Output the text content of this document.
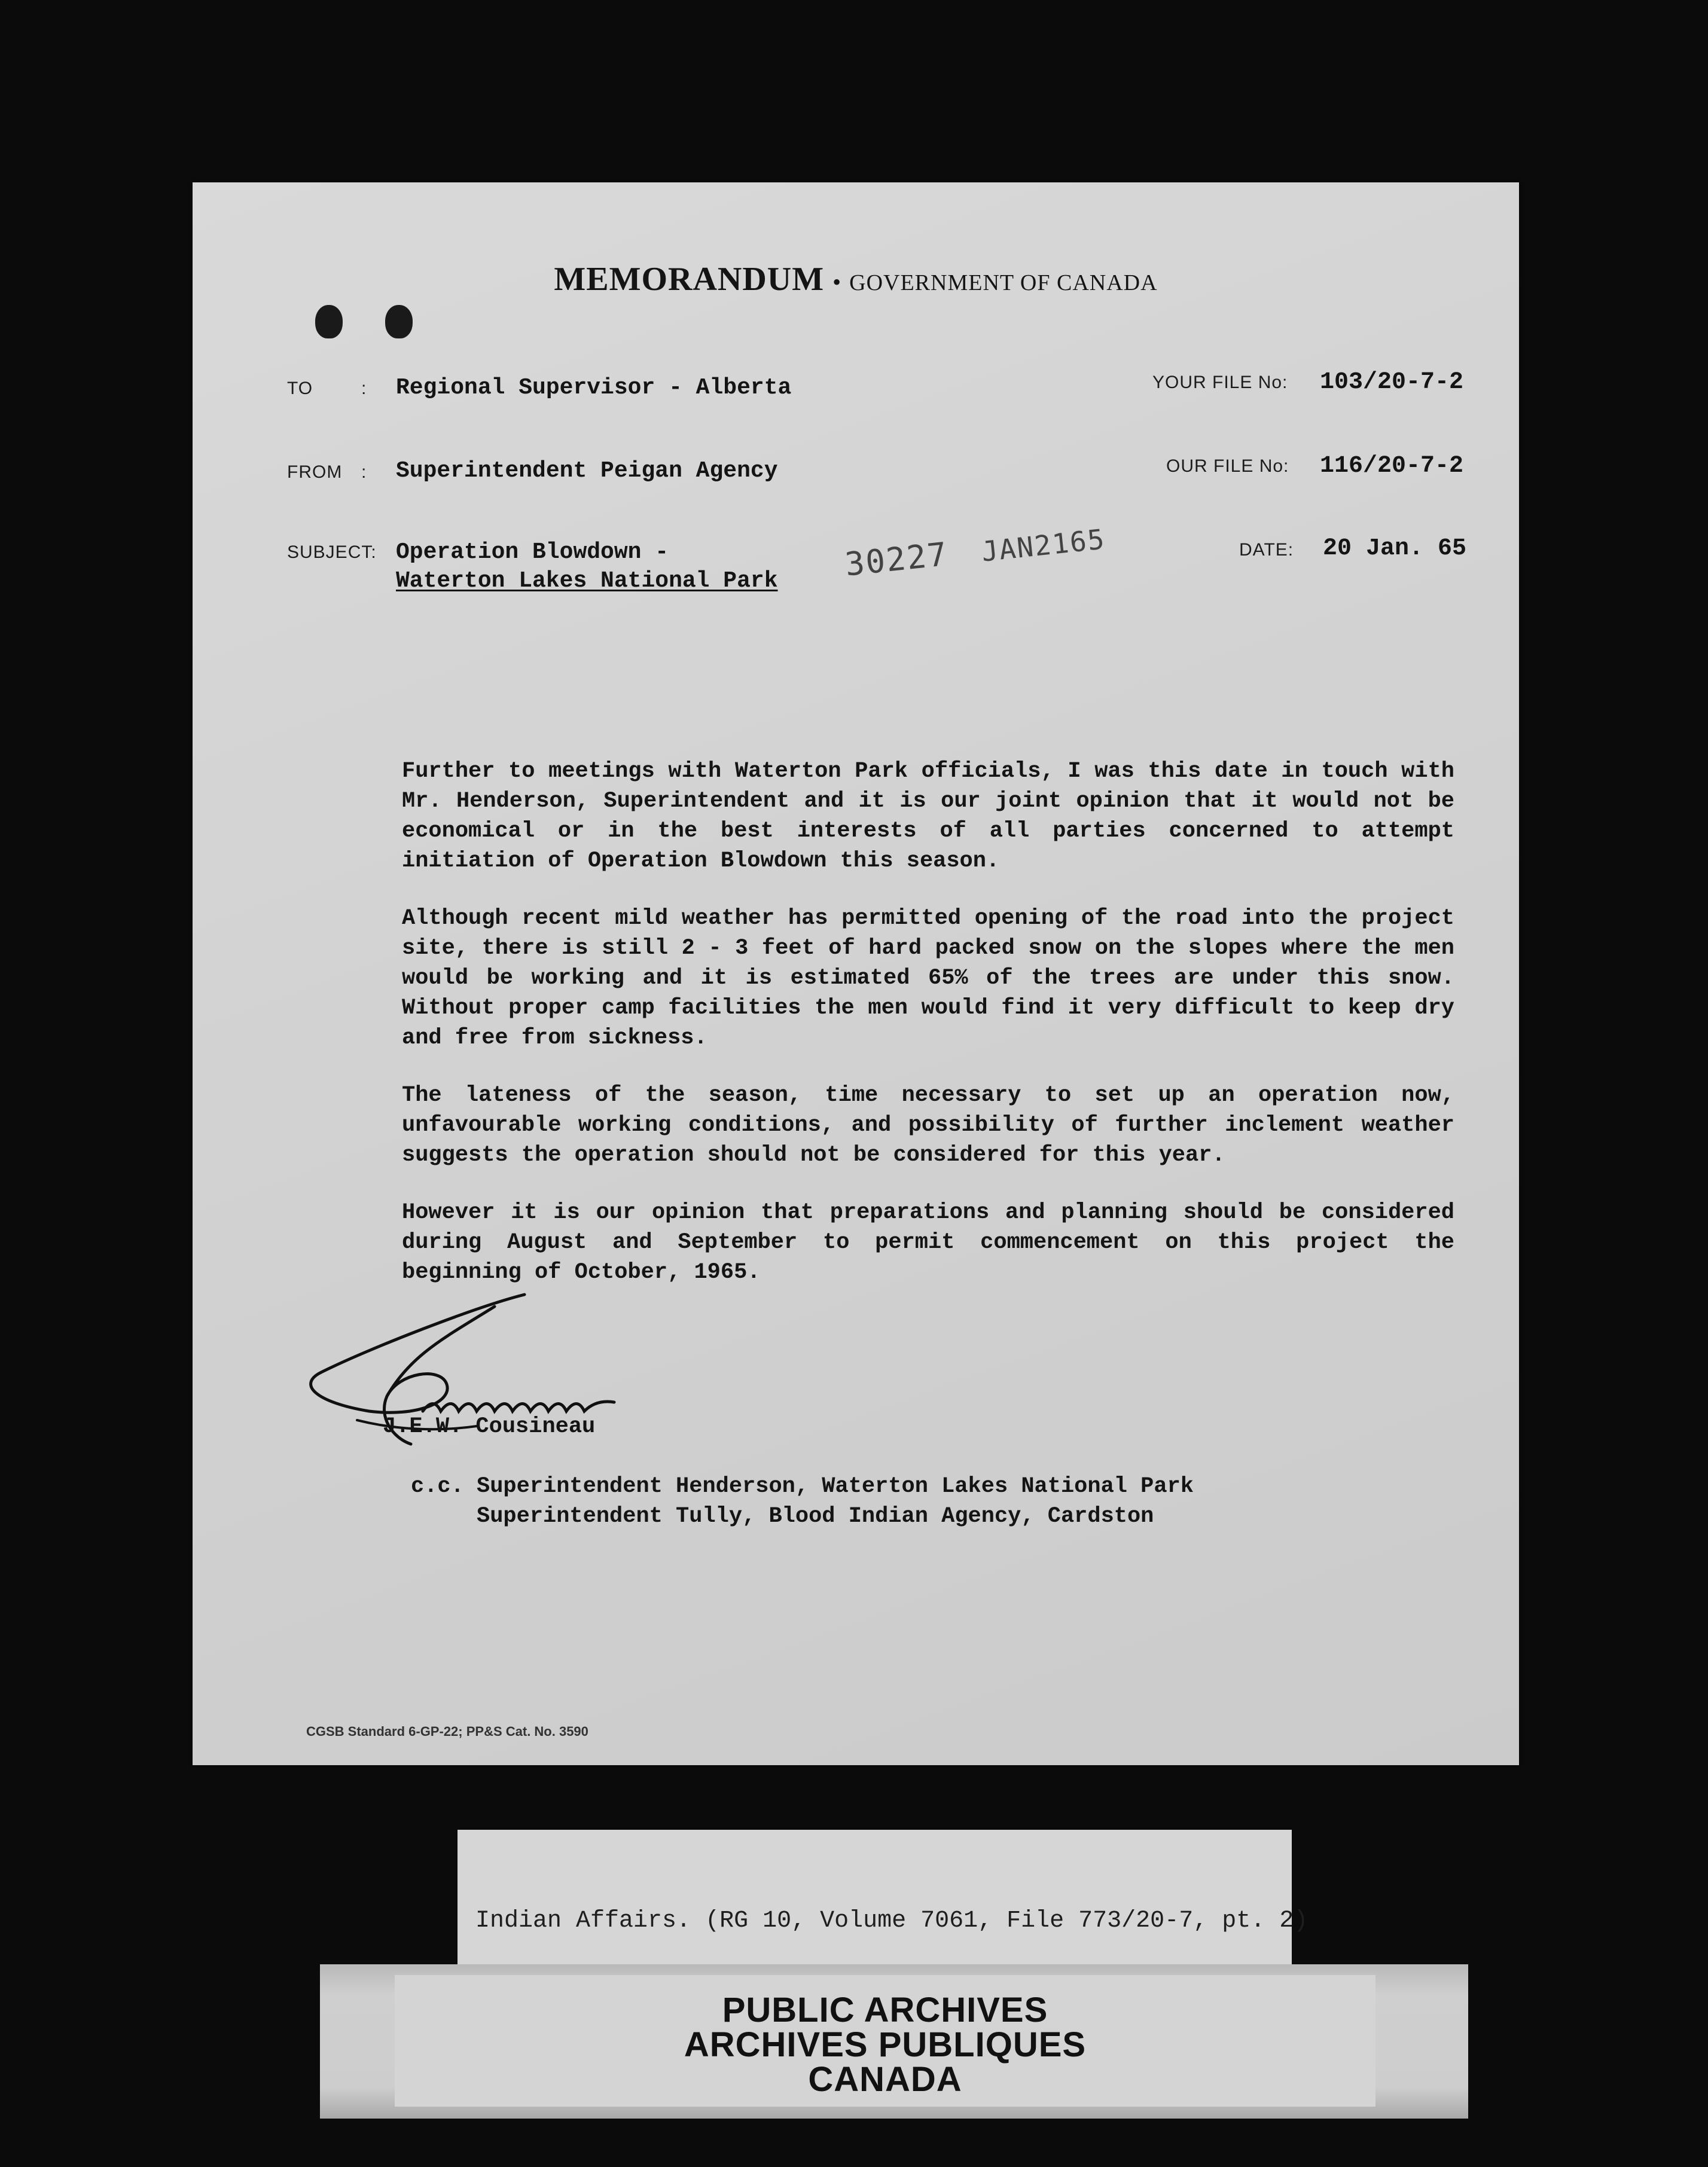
MEMORANDUM • GOVERNMENT OF CANADA
TO	: Regional Supervisor - Alberta	YOUR FILE No: 103/20-7-2
FROM : Superintendent Peigan Agency	OUR FILE No: 116/20-7-2
SUBJECT: Operation Blowdown -
Waterton Lakes National Park
DATE: 20 Jan. 65
30227 JAN2165

Further to meetings with Waterton Park officials, I was this date in touch with Mr. Henderson, Superintendent and it is our joint opinion that it would not be economical or in the best interests of all parties concerned to attempt initiation of Operation Blowdown this season.

Although recent mild weather has permitted opening of the road into the project site, there is still 2 - 3 feet of hard packed snow on the slopes where the men would be working and it is estimated 65% of the trees are under this snow. Without proper camp facilities the men would find it very difficult to keep dry and free from sickness.

The lateness of the season, time necessary to set up an operation now, unfavourable working conditions, and possibility of further inclement weather suggests the operation should not be considered for this year.

However it is our opinion that preparations and planning should be considered during August and September to permit commencement on this project the beginning of October, 1965.

J.E.W. Cousineau
c.c. Superintendent Henderson, Waterton Lakes National Park
Superintendent Tully, Blood Indian Agency, Cardston
CGSB Standard 6-GP-22; PP&S Cat. No. 3590
Indian Affairs. (RG 10, Volume 7061, File 773/20-7, pt. 2)
PUBLIC ARCHIVES
ARCHIVES PUBLIQUES
CANADA
